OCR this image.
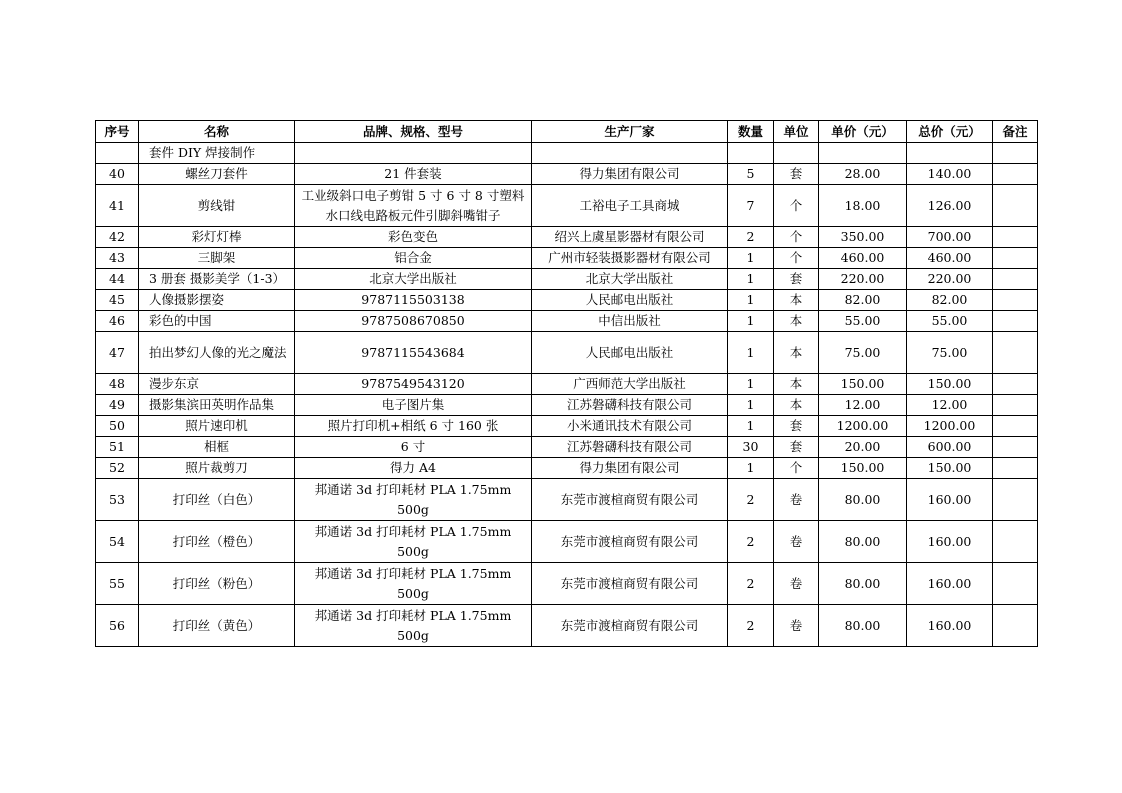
序号	名称	品牌、规格、型号	生产厂家	数量	单位	单价（元）	总价（元）	备注
	套件 DIY 焊接制作							
40	螺丝刀套件	21 件套装	得力集团有限公司	5	套	28.00	140.00	
41	剪线钳	工业级斜口电子剪钳 5 寸 6 寸 8 寸塑料水口线电路板元件引脚斜嘴钳子	工裕电子工具商城	7	个	18.00	126.00	
42	彩灯灯棒	彩色变色	绍兴上虞星影器材有限公司	2	个	350.00	700.00	
43	三脚架	铝合金	广州市轻装摄影器材有限公司	1	个	460.00	460.00	
44	3 册套 摄影美学（1-3）	北京大学出版社	北京大学出版社	1	套	220.00	220.00	
45	人像摄影摆姿	9787115503138	人民邮电出版社	1	本	82.00	82.00	
46	彩色的中国	9787508670850	中信出版社	1	本	55.00	55.00	
47	拍出梦幻人像的光之魔法	9787115543684	人民邮电出版社	1	本	75.00	75.00	
48	漫步东京	9787549543120	广西师范大学出版社	1	本	150.00	150.00	
49	摄影集滨田英明作品集	电子图片集	江苏磐礴科技有限公司	1	本	12.00	12.00	
50	照片速印机	照片打印机+相纸 6 寸 160 张	小米通讯技术有限公司	1	套	1200.00	1200.00	
51	相框	6 寸	江苏磐礴科技有限公司	30	套	20.00	600.00	
52	照片裁剪刀	得力 A4	得力集团有限公司	1	个	150.00	150.00	
53	打印丝（白色）	邦通诺 3d 打印耗材 PLA 1.75mm 500g	东莞市渡楦商贸有限公司	2	卷	80.00	160.00	
54	打印丝（橙色）	邦通诺 3d 打印耗材 PLA 1.75mm 500g	东莞市渡楦商贸有限公司	2	卷	80.00	160.00	
55	打印丝（粉色）	邦通诺 3d 打印耗材 PLA 1.75mm 500g	东莞市渡楦商贸有限公司	2	卷	80.00	160.00	
56	打印丝（黄色）	邦通诺 3d 打印耗材 PLA 1.75mm 500g	东莞市渡楦商贸有限公司	2	卷	80.00	160.00	
